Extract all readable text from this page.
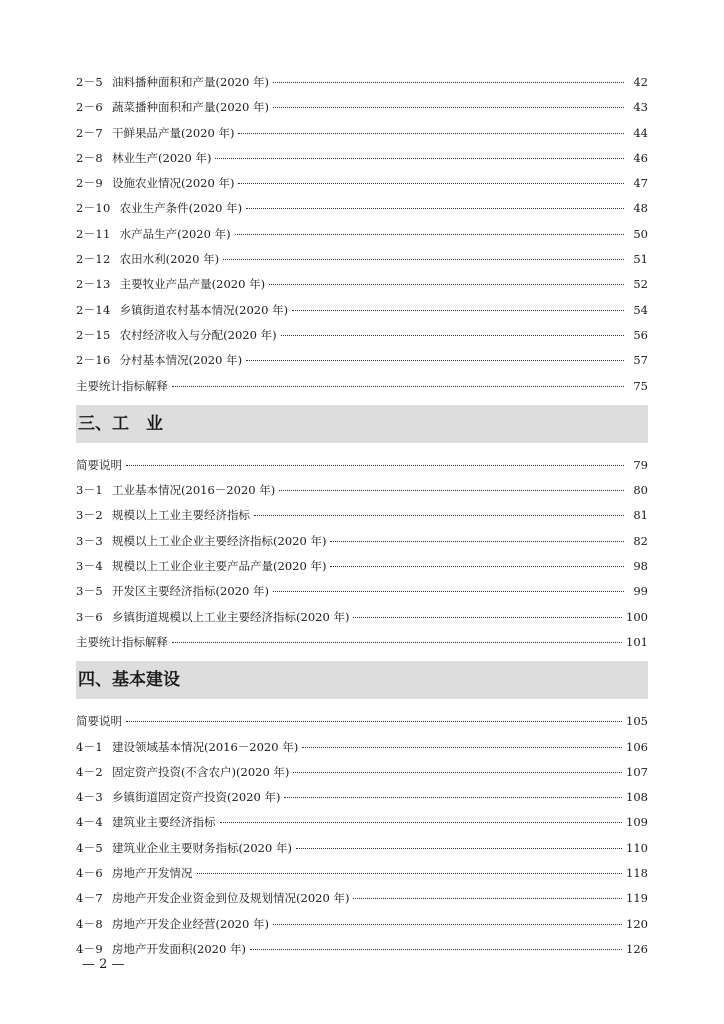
2－5 油料播种面积和产量(2020 年)	42
2－6 蔬菜播种面积和产量(2020 年)	43
2－7 干鲜果品产量(2020 年)	44
2－8 林业生产(2020 年)	46
2－9 设施农业情况(2020 年)	47
2－10 农业生产条件(2020 年)	48
2－11 水产品生产(2020 年)	50
2－12 农田水利(2020 年)	51
2－13 主要牧业产品产量(2020 年)	52
2－14 乡镇街道农村基本情况(2020 年)	54
2－15 农村经济收入与分配(2020 年)	56
2－16 分村基本情况(2020 年)	57
主要统计指标解释	75
三、工　业
简要说明	79
3－1 工业基本情况(2016－2020 年)	80
3－2 规模以上工业主要经济指标	81
3－3 规模以上工业企业主要经济指标(2020 年)	82
3－4 规模以上工业企业主要产品产量(2020 年)	98
3－5 开发区主要经济指标(2020 年)	99
3－6 乡镇街道规模以上工业主要经济指标(2020 年)	100
主要统计指标解释	101
四、基本建设
简要说明	105
4－1 建设领域基本情况(2016－2020 年)	106
4－2 固定资产投资(不含农户)(2020 年)	107
4－3 乡镇街道固定资产投资(2020 年)	108
4－4 建筑业主要经济指标	109
4－5 建筑业企业主要财务指标(2020 年)	110
4－6 房地产开发情况	118
4－7 房地产开发企业资金到位及规划情况(2020 年)	119
4－8 房地产开发企业经营(2020 年)	120
4－9 房地产开发面积(2020 年)	126
— 2 —
